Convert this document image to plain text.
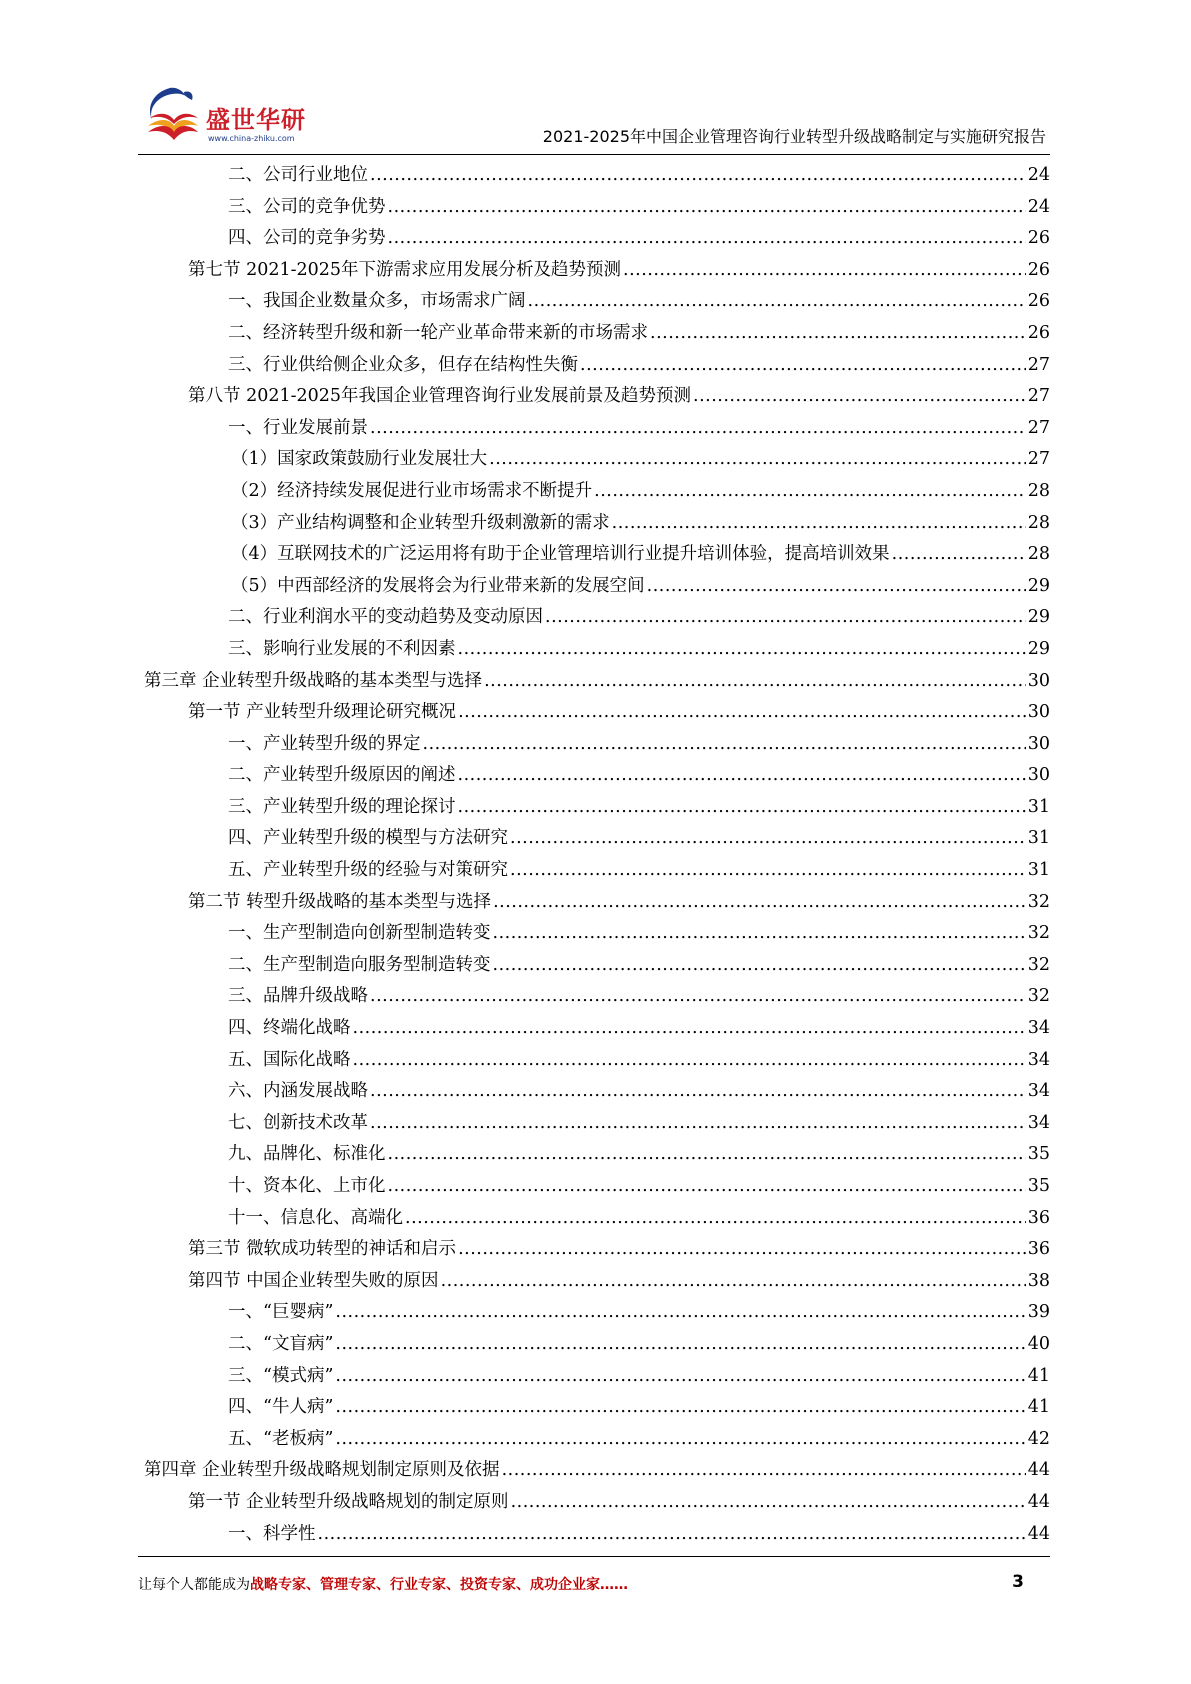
盛世华研
www.china-zhiku.com	2021-2025年中国企业管理咨询行业转型升级战略制定与实施研究报告
二、公司行业地位 .....	24
三、公司的竞争优势 .....	24
四、公司的竞争劣势 .....	26
第七节 2021-2025年下游需求应用发展分析及趋势预测 .....	26
一、我国企业数量众多，市场需求广阔 .....	26
二、经济转型升级和新一轮产业革命带来新的市场需求 .....	26
三、行业供给侧企业众多，但存在结构性失衡 .....	27
第八节 2021-2025年我国企业管理咨询行业发展前景及趋势预测 .....	27
一、行业发展前景 .....	27
（1）国家政策鼓励行业发展壮大 .....	27
（2）经济持续发展促进行业市场需求不断提升 .....	28
（3）产业结构调整和企业转型升级刺激新的需求 .....	28
（4）互联网技术的广泛运用将有助于企业管理培训行业提升培训体验，提高培训效果 .....	28
（5）中西部经济的发展将会为行业带来新的发展空间 .....	29
二、行业利润水平的变动趋势及变动原因 .....	29
三、影响行业发展的不利因素 .....	29
第三章 企业转型升级战略的基本类型与选择 .....	30
第一节 产业转型升级理论研究概况 .....	30
一、产业转型升级的界定 .....	30
二、产业转型升级原因的阐述 .....	30
三、产业转型升级的理论探讨 .....	31
四、产业转型升级的模型与方法研究 .....	31
五、产业转型升级的经验与对策研究 .....	31
第二节 转型升级战略的基本类型与选择 .....	32
一、生产型制造向创新型制造转变 .....	32
二、生产型制造向服务型制造转变 .....	32
三、品牌升级战略 .....	32
四、终端化战略 .....	34
五、国际化战略 .....	34
六、内涵发展战略 .....	34
七、创新技术改革 .....	34
九、品牌化、标准化 .....	35
十、资本化、上市化 .....	35
十一、信息化、高端化 .....	36
第三节 微软成功转型的神话和启示 .....	36
第四节 中国企业转型失败的原因 .....	38
一、“巨婴病” .....	39
二、“文盲病” .....	40
三、“模式病” .....	41
四、“牛人病” .....	41
五、“老板病” .....	42
第四章 企业转型升级战略规划制定原则及依据 .....	44
第一节 企业转型升级战略规划的制定原则 .....	44
一、科学性 .....	44
让每个人都能成为战略专家、管理专家、行业专家、投资专家、成功企业家……	3
